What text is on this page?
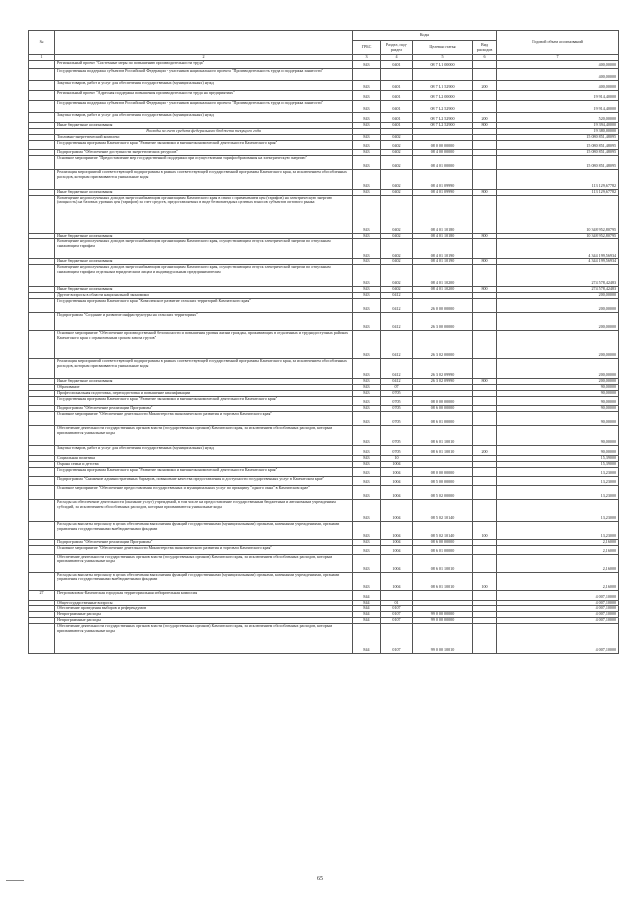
№		Коды				Годовой объем ассигнований
		ГРБС	Раздел, под-раздел	Целевая статья	Вид расходов	
1	2	3	4	5	6	7
	Региональный проект "Системные меры по повышению производительности труда"	843	0401	08 7 L1 00000		400,00000
	Государственная поддержка субъектов Российской Федерации - участников национального проекта "Производительность труда и поддержка занятости"					400,00000
	Закупка товаров, работ и услуг для обеспечения государственных (муниципальных) нужд	843	0401	08 7 L1 52900	200	400,00000
	Региональный проект "Адресная поддержка повышения производительности труда на предприятиях"	843	0401	08 7 L2 00000		19 914,40000
	Государственная поддержка субъектов Российской Федерации - участников национального проекта "Производительность труда и поддержка занятости"	843	0401	08 7 L2 52900		19 914,40000
	Закупка товаров, работ и услуг для обеспечения государственных (муниципальных) нужд	843	0401	08 7 L2 52900	200	520,00000
	Иные бюджетные ассигнования	843	0401	08 7 L2 52900	800	19 394,40000
	Расходы за счет средств федерального бюджета текущего года					19 380,00000
	Топливно-энергетический комплекс	843	0402			15 080 851,48095
	Государственная программа Камчатского края "Развитие экономики и внешнеэкономической деятельности Камчатского края"	843	0402	08 0 00 00000		15 080 851,48095
	Подпрограмма "Обеспечение доступности энергетических ресурсов"	843	0402	08 4 00 00000		15 080 851,48095
	Основное мероприятие "Предоставление мер государственной поддержки при осуществлении тарифообразования на электрическую энергию"	843	0402	08 4 01 00000		15 080 851,48095
	Реализация мероприятий соответствующей подпрограммы в рамках соответствующей государственной программы Камчатского края, за исключением обособленных расходов, которым присваиваются уникальные коды	843	0402	08 4 01 09990		113 129,67782
	Иные бюджетные ассигнования	843	0402	08 4 01 09990	800	113 129,67782
	Возмещение недополученных доходов энергоснабжающим организациям Камчатского края в связи с применением цен (тарифов) на электрическую энергию (мощность) на базовых уровнях цен (тарифов) за счет средств, предоставляемых в виде безвозмездных целевых взносов субъектов оптового рынка	843	0402	08 4 01 10180		10 348 952,80795
	Иные бюджетные ассигнования	843	0402	08 4 01 10180	800	10 348 952,80795
	Возмещение недополученных доходов энергоснабжающим организациям Камчатского края, осуществляющим отпуск электрической энергии по отпускным снижающим тарифам	843	0402	08 4 01 10190		4 344 199,56934
	Иные бюджетные ассигнования	843	0402	08 4 01 10190	800	4 344 199,56934
	Возмещение недополученных доходов энергоснабжающим организациям Камчатского края, осуществляющим отпуск электрической энергии по отпускным снижающим тарифам отдельным юридическим лицам и индивидуальным предпринимателям	843	0402	08 4 01 10200		274 578,42483
	Иные бюджетные ассигнования	843	0402	08 4 01 10200	800	274 578,42483
	Другие вопросы в области национальной экономики	843	0412			200,00000
	Государственная программа Камчатского края "Комплексное развитие сельских территорий Камчатского края"	843	0412	26 0 00 00000		200,00000
	Подпрограмма "Создание и развитие инфраструктуры на сельских территориях"	843	0412	26 3 00 00000		200,00000
	Основное мероприятие "Обеспечение производственной безопасности и повышения уровня жизни граждан, проживающих в отдаленных и труднодоступных районах Камчатского края с ограниченным сроком завоза грузов"	843	0412	26 3 02 00000		200,00000
	Реализация мероприятий соответствующей подпрограммы в рамках соответствующей государственной программы Камчатского края, за исключением обособленных расходов, которым присваиваются уникальные коды	843	0412	26 3 02 09990		200,00000
	Иные бюджетные ассигнования	843	0412	26 3 02 09990	800	200,00000
	Образование	843	07			90,00000
	Профессиональная подготовка, переподготовка и повышение квалификации	843	0705			90,00000
	Государственная программа Камчатского края "Развитие экономики и внешнеэкономической деятельности Камчатского края"	843	0705	08 0 00 00000		90,00000
	Подпрограмма "Обеспечение реализации Программы"	843	0705	08 6 00 00000		90,00000
	Основное мероприятие "Обеспечение деятельности Министерства экономического развития и торговли Камчатского края"	843	0705	08 6 01 00000		90,00000
	Обеспечение деятельности государственных органов власти (государственных органов) Камчатского края, за исключением обособленных расходов, которым присваиваются уникальные коды	843	0705	08 6 01 10010		90,00000
	Закупка товаров, работ и услуг для обеспечения государственных (муниципальных) нужд	843	0705	08 6 01 10010	200	90,00000
	Социальная политика	843	10			15,39000
	Охрана семьи и детства	843	1004			15,39000
	Государственная программа Камчатского края "Развитие экономики и внешнеэкономической деятельности Камчатского края"	843	1004	08 0 00 00000		13,23000
	Подпрограмма "Снижение административных барьеров, повышение качества предоставления и доступности государственных услуг в Камчатском крае"	843	1004	08 5 00 00000		13,23000
	Основное мероприятие "Обеспечение предоставления государственных и муниципальных услуг по принципу "одного окна" в Камчатском крае"	843	1004	08 5 02 00000		13,23000
	Расходы на обеспечение деятельности (оказание услуг) учреждений, в том числе на предоставление государственным бюджетным и автономным учреждениям субсидий, за исключением обособленных расходов, которым присваиваются уникальные коды	843	1004	08 5 02 10140		13,23000
	Расходы на выплаты персоналу в целях обеспечения выполнения функций государственными (муниципальными) органами, казенными учреждениями, органами управления государственными внебюджетными фондами	843	1004	08 5 02 10140	100	13,23000
	Подпрограмма "Обеспечение реализации Программы"	843	1004	08 6 00 00000		2,16000
	Основное мероприятие "Обеспечение деятельности Министерства экономического развития и торговли Камчатского края"	843	1004	08 6 01 00000		2,16000
	Обеспечение деятельности государственных органов власти (государственных органов) Камчатского края, за исключением обособленных расходов, которым присваиваются уникальные коды	843	1004	08 6 01 10010		2,16000
	Расходы на выплаты персоналу в целях обеспечения выполнения функций государственными (муниципальными) органами, казенными учреждениями, органами управления государственными внебюджетными фондами	843	1004	08 6 01 10010	100	2,16000
27	Петропавловск-Камчатская городская территориальная избирательная комиссия	844				4 007,10000
	Общегосударственные вопросы	844	01			4 007,10000
	Обеспечение проведения выборов и референдумов	844	0107			4 007,10000
	Непрограммные расходы	844	0107	99 0 00 00000		4 007,10000
	Непрограммные расходы	844	0107	99 0 00 00000		4 007,10000
	Обеспечение деятельности государственных органов власти (государственных органов) Камчатского края, за исключением обособленных расходов, которым присваиваются уникальные коды	844	0107	99 0 00 10010		4 007,10000
65
